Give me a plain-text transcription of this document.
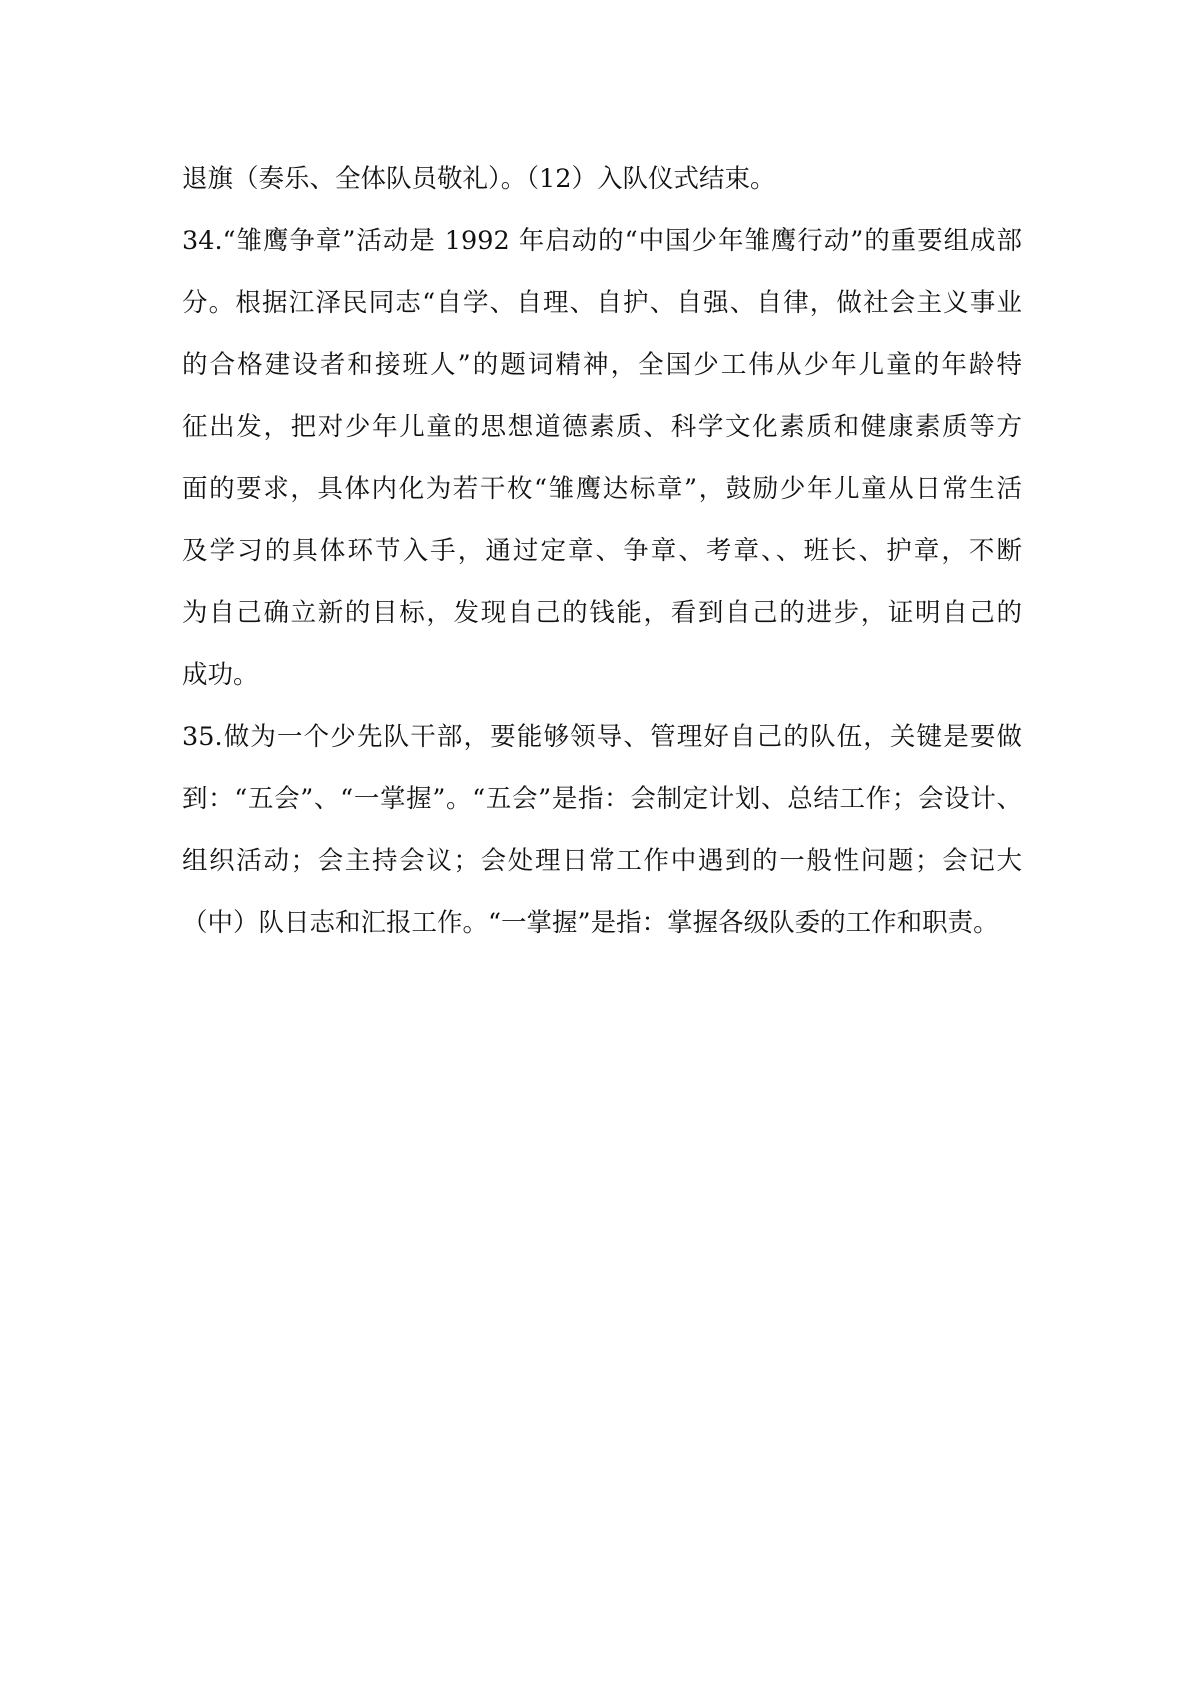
退旗（奏乐、全体队员敬礼）。（12）入队仪式结束。
34.“雏鹰争章”活动是 1992 年启动的“中国少年雏鹰行动”的重要组成部
分。根据江泽民同志“自学、自理、自护、自强、自律，做社会主义事业
的合格建设者和接班人”的题词精神，全国少工伟从少年儿童的年龄特
征出发，把对少年儿童的思想道德素质、科学文化素质和健康素质等方
面的要求，具体内化为若干枚“雏鹰达标章”，鼓励少年儿童从日常生活
及学习的具体环节入手，通过定章、争章、考章、、班长、护章，不断
为自己确立新的目标，发现自己的钱能，看到自己的进步，证明自己的
成功。
35.做为一个少先队干部，要能够领导、管理好自己的队伍，关键是要做
到：“五会”、“一掌握”。“五会”是指：会制定计划、总结工作；会设计、
组织活动；会主持会议；会处理日常工作中遇到的一般性问题；会记大
（中）队日志和汇报工作。“一掌握”是指：掌握各级队委的工作和职责。
